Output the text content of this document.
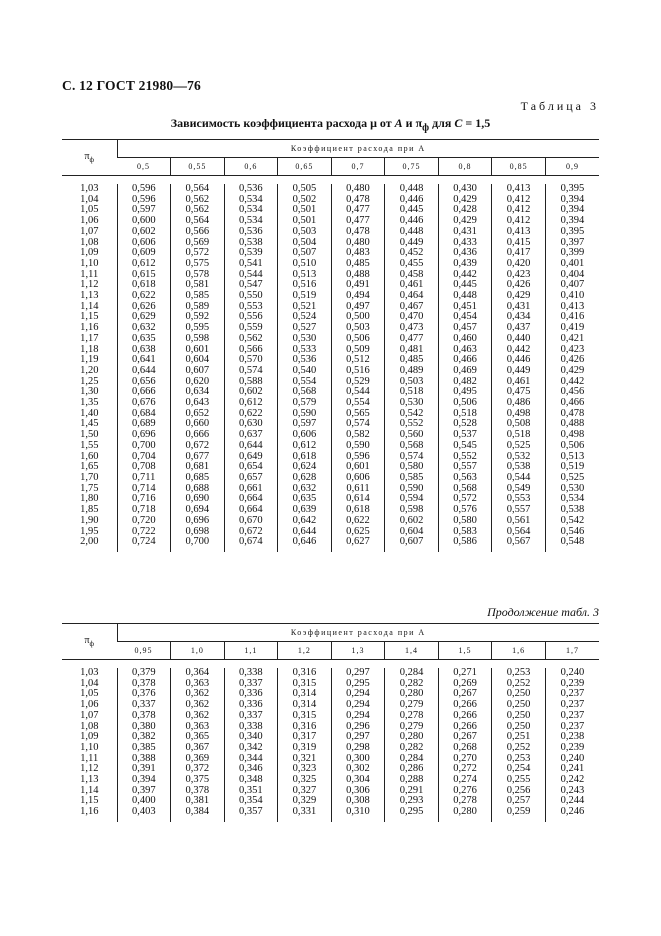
С. 12 ГОСТ 21980—76
Таблица 3
Зависимость коэффициента расхода μ от A и $\pi_ф$ для C = 1,5
$\pi_ф$	Коэффициент расхода при A								
	0,5	0,55	0,6	0,65	0,7	0,75	0,8	0,85	0,9

1,03	0,596	0,564	0,536	0,505	0,480	0,448	0,430	0,413	0,395
1,04	0,596	0,562	0,534	0,502	0,478	0,446	0,429	0,412	0,394
1,05	0,597	0,562	0,534	0,501	0,477	0,445	0,428	0,412	0,394
1,06	0,600	0,564	0,534	0,501	0,477	0,446	0,429	0,412	0,394
1,07	0,602	0,566	0,536	0,503	0,478	0,448	0,431	0,413	0,395
1,08	0,606	0,569	0,538	0,504	0,480	0,449	0,433	0,415	0,397
1,09	0,609	0,572	0,539	0,507	0,483	0,452	0,436	0,417	0,399
1,10	0,612	0,575	0,541	0,510	0,485	0,455	0,439	0,420	0,401
1,11	0,615	0,578	0,544	0,513	0,488	0,458	0,442	0,423	0,404
1,12	0,618	0,581	0,547	0,516	0,491	0,461	0,445	0,426	0,407
1,13	0,622	0,585	0,550	0,519	0,494	0,464	0,448	0,429	0,410
1,14	0,626	0,589	0,553	0,521	0,497	0,467	0,451	0,431	0,413
1,15	0,629	0,592	0,556	0,524	0,500	0,470	0,454	0,434	0,416
1,16	0,632	0,595	0,559	0,527	0,503	0,473	0,457	0,437	0,419
1,17	0,635	0,598	0,562	0,530	0,506	0,477	0,460	0,440	0,421
1,18	0,638	0,601	0,566	0,533	0,509	0,481	0,463	0,442	0,423
1,19	0,641	0,604	0,570	0,536	0,512	0,485	0,466	0,446	0,426
1,20	0,644	0,607	0,574	0,540	0,516	0,489	0,469	0,449	0,429
1,25	0,656	0,620	0,588	0,554	0,529	0,503	0,482	0,461	0,442
1,30	0,666	0,634	0,602	0,568	0,544	0,518	0,495	0,475	0,456
1,35	0,676	0,643	0,612	0,579	0,554	0,530	0,506	0,486	0,466
1,40	0,684	0,652	0,622	0,590	0,565	0,542	0,518	0,498	0,478
1,45	0,689	0,660	0,630	0,597	0,574	0,552	0,528	0,508	0,488
1,50	0,696	0,666	0,637	0,606	0,582	0,560	0,537	0,518	0,498
1,55	0,700	0,672	0,644	0,612	0,590	0,568	0,545	0,525	0,506
1,60	0,704	0,677	0,649	0,618	0,596	0,574	0,552	0,532	0,513
1,65	0,708	0,681	0,654	0,624	0,601	0,580	0,557	0,538	0,519
1,70	0,711	0,685	0,657	0,628	0,606	0,585	0,563	0,544	0,525
1,75	0,714	0,688	0,661	0,632	0,611	0,590	0,568	0,549	0,530
1,80	0,716	0,690	0,664	0,635	0,614	0,594	0,572	0,553	0,534
1,85	0,718	0,694	0,664	0,639	0,618	0,598	0,576	0,557	0,538
1,90	0,720	0,696	0,670	0,642	0,622	0,602	0,580	0,561	0,542
1,95	0,722	0,698	0,672	0,644	0,625	0,604	0,583	0,564	0,546
2,00	0,724	0,700	0,674	0,646	0,627	0,607	0,586	0,567	0,548

Продолжение табл. 3
$\pi_ф$	Коэффициент расхода при A								
	0,95	1,0	1,1	1,2	1,3	1,4	1,5	1,6	1,7

1,03	0,379	0,364	0,338	0,316	0,297	0,284	0,271	0,253	0,240
1,04	0,378	0,363	0,337	0,315	0,295	0,282	0,269	0,252	0,239
1,05	0,376	0,362	0,336	0,314	0,294	0,280	0,267	0,250	0,237
1,06	0,337	0,362	0,336	0,314	0,294	0,279	0,266	0,250	0,237
1,07	0,378	0,362	0,337	0,315	0,294	0,278	0,266	0,250	0,237
1,08	0,380	0,363	0,338	0,316	0,296	0,279	0,266	0,250	0,237
1,09	0,382	0,365	0,340	0,317	0,297	0,280	0,267	0,251	0,238
1,10	0,385	0,367	0,342	0,319	0,298	0,282	0,268	0,252	0,239
1,11	0,388	0,369	0,344	0,321	0,300	0,284	0,270	0,253	0,240
1,12	0,391	0,372	0,346	0,323	0,302	0,286	0,272	0,254	0,241
1,13	0,394	0,375	0,348	0,325	0,304	0,288	0,274	0,255	0,242
1,14	0,397	0,378	0,351	0,327	0,306	0,291	0,276	0,256	0,243
1,15	0,400	0,381	0,354	0,329	0,308	0,293	0,278	0,257	0,244
1,16	0,403	0,384	0,357	0,331	0,310	0,295	0,280	0,259	0,246
